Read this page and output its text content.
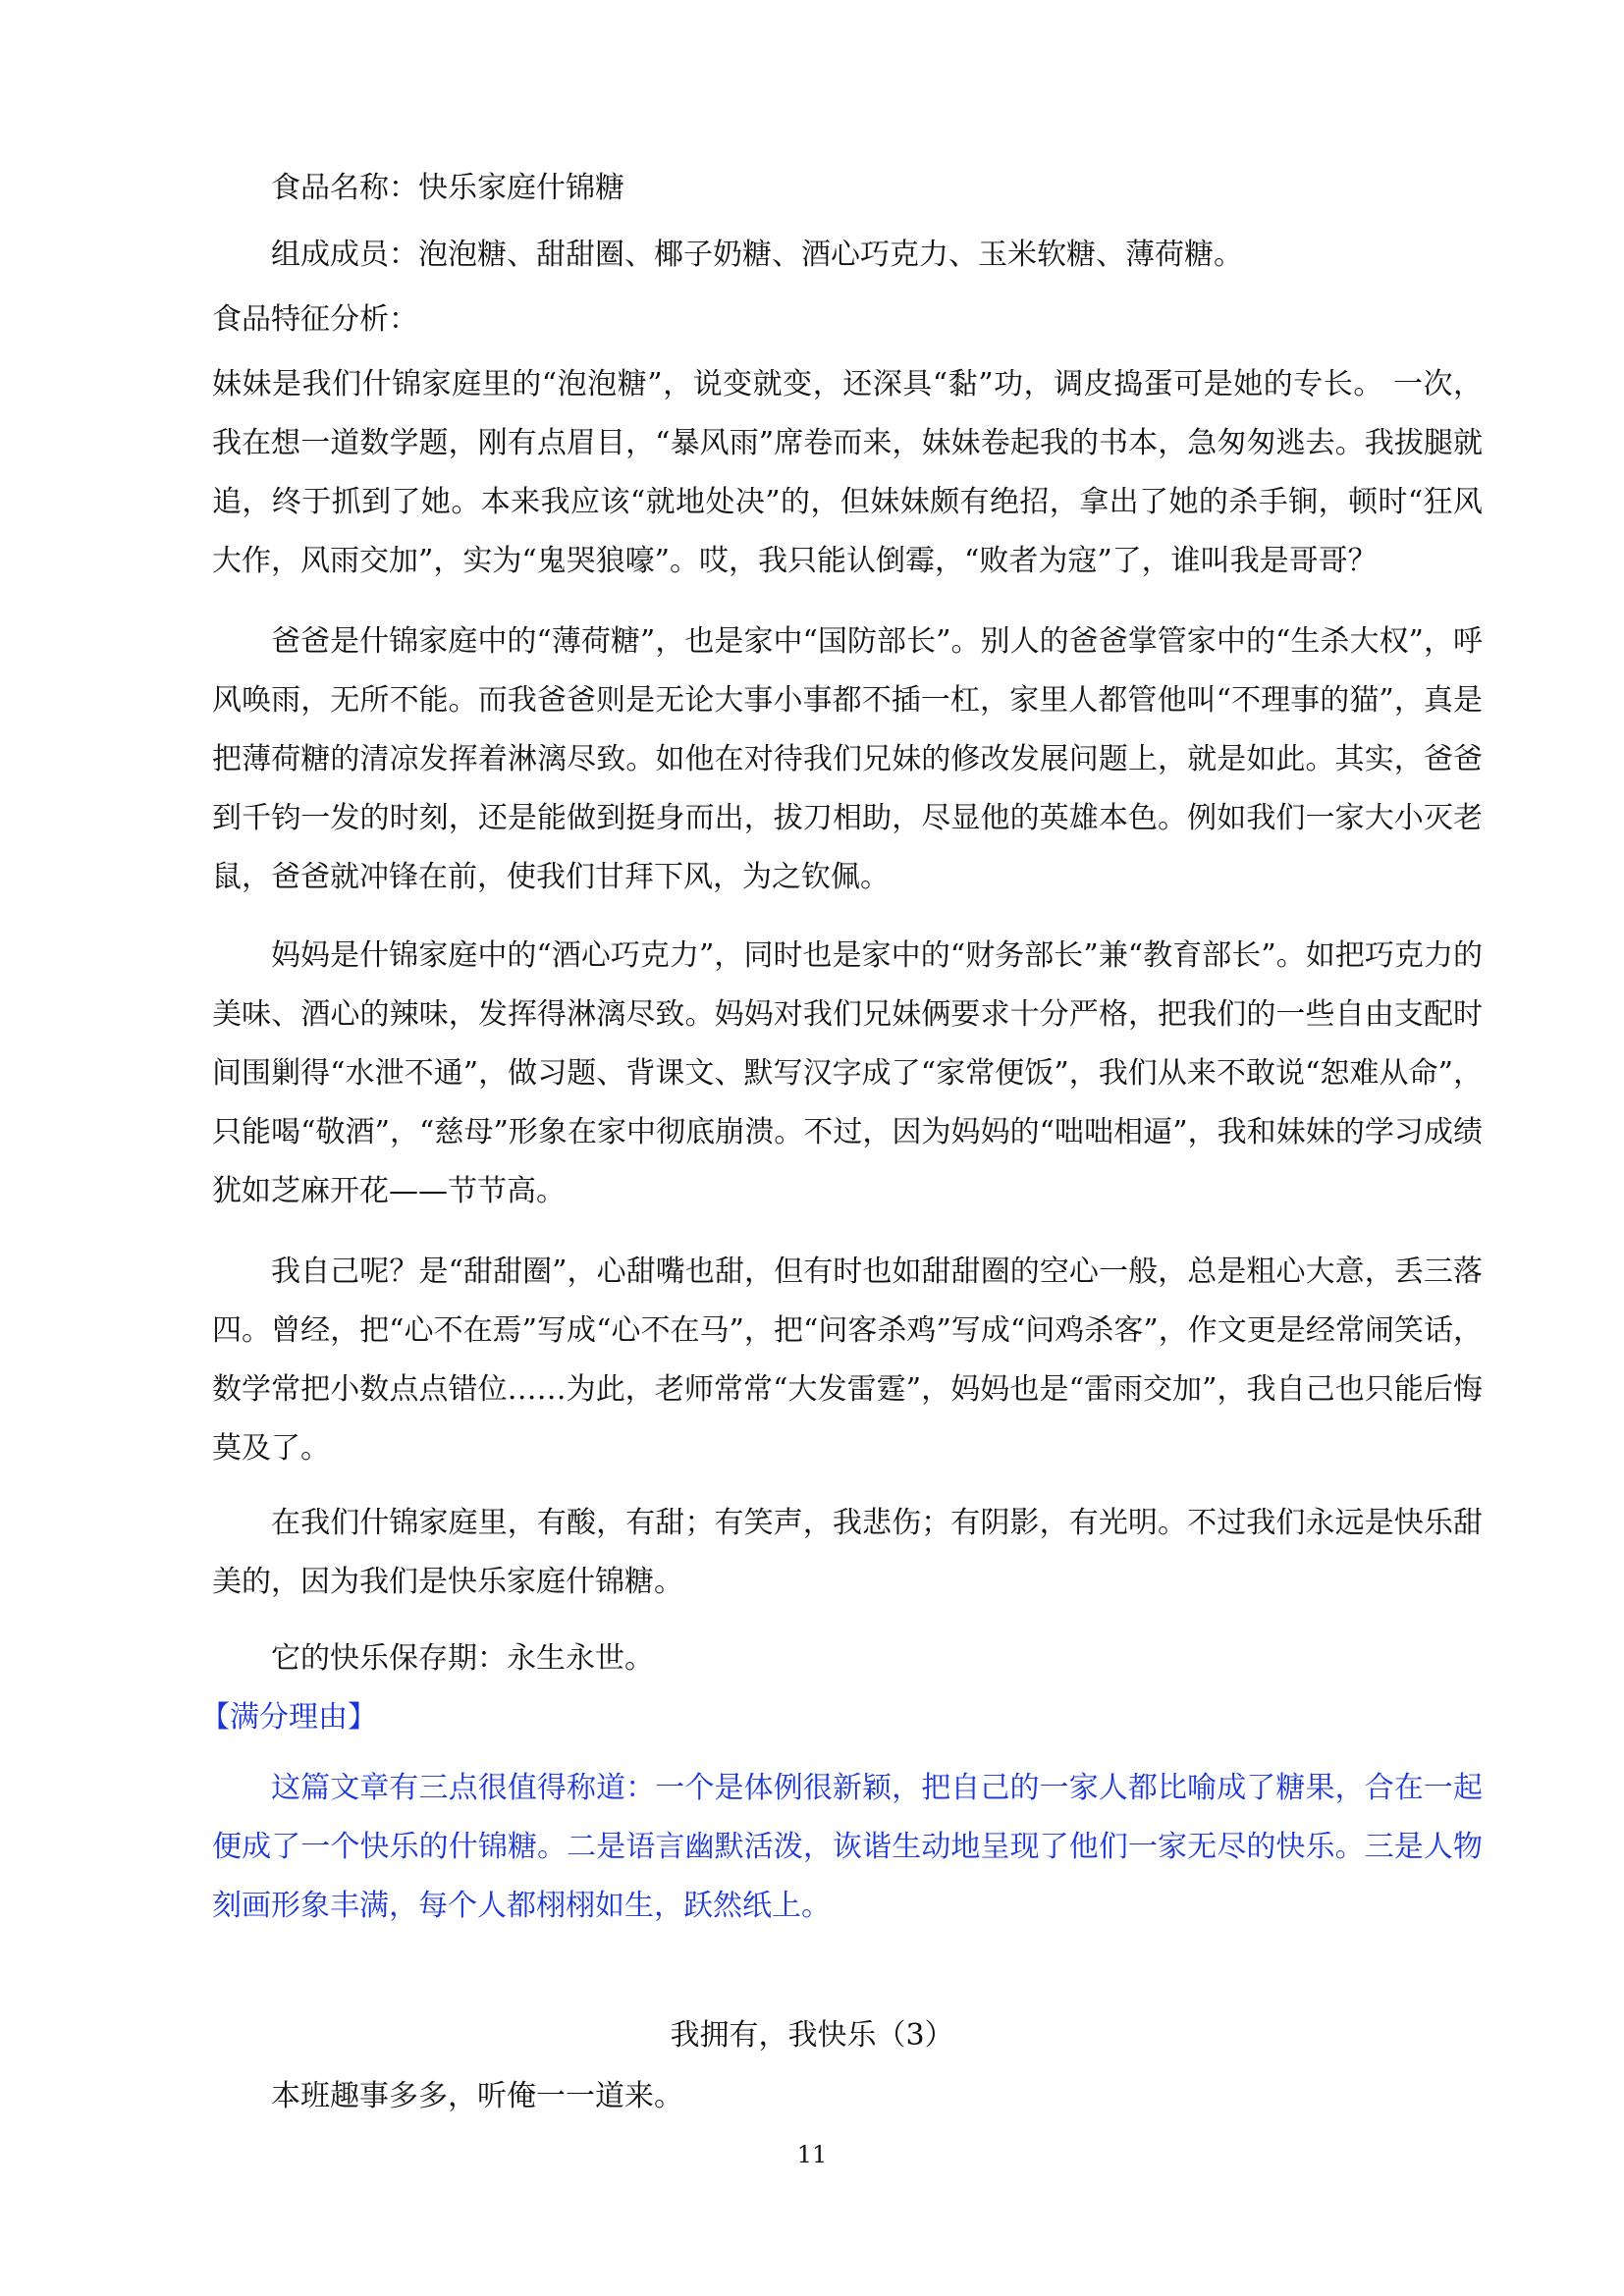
食品名称：快乐家庭什锦糖
组成成员：泡泡糖、甜甜圈、椰子奶糖、酒心巧克力、玉米软糖、薄荷糖。
食品特征分析：
妹妹是我们什锦家庭里的“泡泡糖”，说变就变，还深具“黏”功，调皮捣蛋可是她的专长。 一次，我在想一道数学题，刚有点眉目，“暴风雨”席卷而来，妹妹卷起我的书本，急匆匆逃去。我拔腿就追，终于抓到了她。本来我应该“就地处决”的，但妹妹颇有绝招，拿出了她的杀手锏，顿时“狂风大作，风雨交加”，实为“鬼哭狼嚎”。哎，我只能认倒霉，“败者为寇”了，谁叫我是哥哥？
爸爸是什锦家庭中的“薄荷糖”，也是家中“国防部长”。别人的爸爸掌管家中的“生杀大权”，呼风唤雨，无所不能。而我爸爸则是无论大事小事都不插一杠，家里人都管他叫“不理事的猫”，真是把薄荷糖的清凉发挥着淋漓尽致。如他在对待我们兄妹的修改发展问题上，就是如此。其实，爸爸到千钧一发的时刻，还是能做到挺身而出，拔刀相助，尽显他的英雄本色。例如我们一家大小灭老鼠，爸爸就冲锋在前，使我们甘拜下风，为之钦佩。
妈妈是什锦家庭中的“酒心巧克力”，同时也是家中的“财务部长”兼“教育部长”。如把巧克力的美味、酒心的辣味，发挥得淋漓尽致。妈妈对我们兄妹俩要求十分严格，把我们的一些自由支配时间围剿得“水泄不通”，做习题、背课文、默写汉字成了“家常便饭”，我们从来不敢说“恕难从命”，只能喝“敬酒”，“慈母”形象在家中彻底崩溃。不过，因为妈妈的“咄咄相逼”，我和妹妹的学习成绩犹如芝麻开花——节节高。
我自己呢？是“甜甜圈”，心甜嘴也甜，但有时也如甜甜圈的空心一般，总是粗心大意，丢三落四。曾经，把“心不在焉”写成“心不在马”，把“问客杀鸡”写成“问鸡杀客”，作文更是经常闹笑话，数学常把小数点点错位……为此，老师常常“大发雷霆”，妈妈也是“雷雨交加”，我自己也只能后悔莫及了。
在我们什锦家庭里，有酸，有甜；有笑声，我悲伤；有阴影，有光明。不过我们永远是快乐甜美的，因为我们是快乐家庭什锦糖。
它的快乐保存期：永生永世。
【满分理由】
这篇文章有三点很值得称道：一个是体例很新颖，把自己的一家人都比喻成了糖果，合在一起便成了一个快乐的什锦糖。二是语言幽默活泼，诙谐生动地呈现了他们一家无尽的快乐。三是人物刻画形象丰满，每个人都栩栩如生，跃然纸上。
我拥有，我快乐（3）
本班趣事多多，听俺一一道来。
11
